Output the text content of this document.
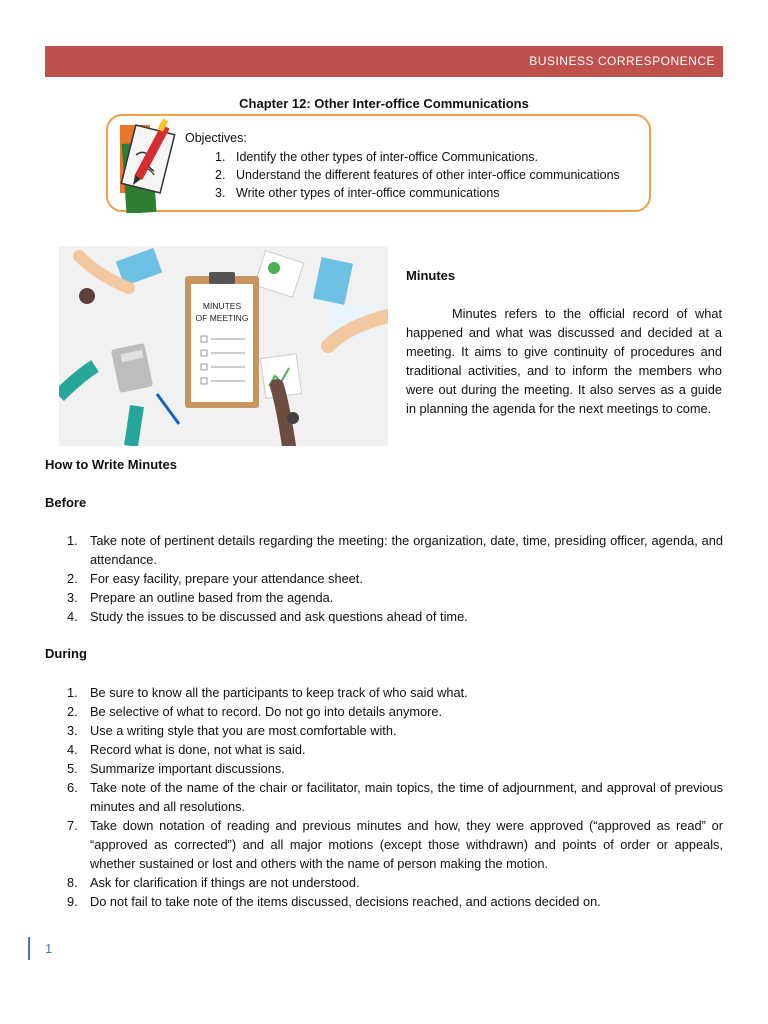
BUSINESS CORRESPONENCE
Chapter 12: Other Inter-office Communications
Objectives:
1. Identify the other types of inter-office Communications.
2. Understand the different features of other inter-office communications
3. Write other types of inter-office communications
MINUTES
OF MEETING
Minutes
Minutes refers to the official record of what happened and what was discussed and decided at a meeting. It aims to give continuity of procedures and traditional activities, and to inform the members who were out during the meeting. It also serves as a guide in planning the agenda for the next meetings to come.
How to Write Minutes
Before
1. Take note of pertinent details regarding the meeting: the organization, date, time, presiding officer, agenda, and attendance.
2. For easy facility, prepare your attendance sheet.
3. Prepare an outline based from the agenda.
4. Study the issues to be discussed and ask questions ahead of time.
During
1. Be sure to know all the participants to keep track of who said what.
2. Be selective of what to record. Do not go into details anymore.
3. Use a writing style that you are most comfortable with.
4. Record what is done, not what is said.
5. Summarize important discussions.
6. Take note of the name of the chair or facilitator, main topics, the time of adjournment, and approval of previous minutes and all resolutions.
7. Take down notation of reading and previous minutes and how, they were approved (“approved as read” or “approved as corrected”) and all major motions (except those withdrawn) and points of order or appeals, whether sustained or lost and others with the name of person making the motion.
8. Ask for clarification if things are not understood.
9. Do not fail to take note of the items discussed, decisions reached, and actions decided on.
1
